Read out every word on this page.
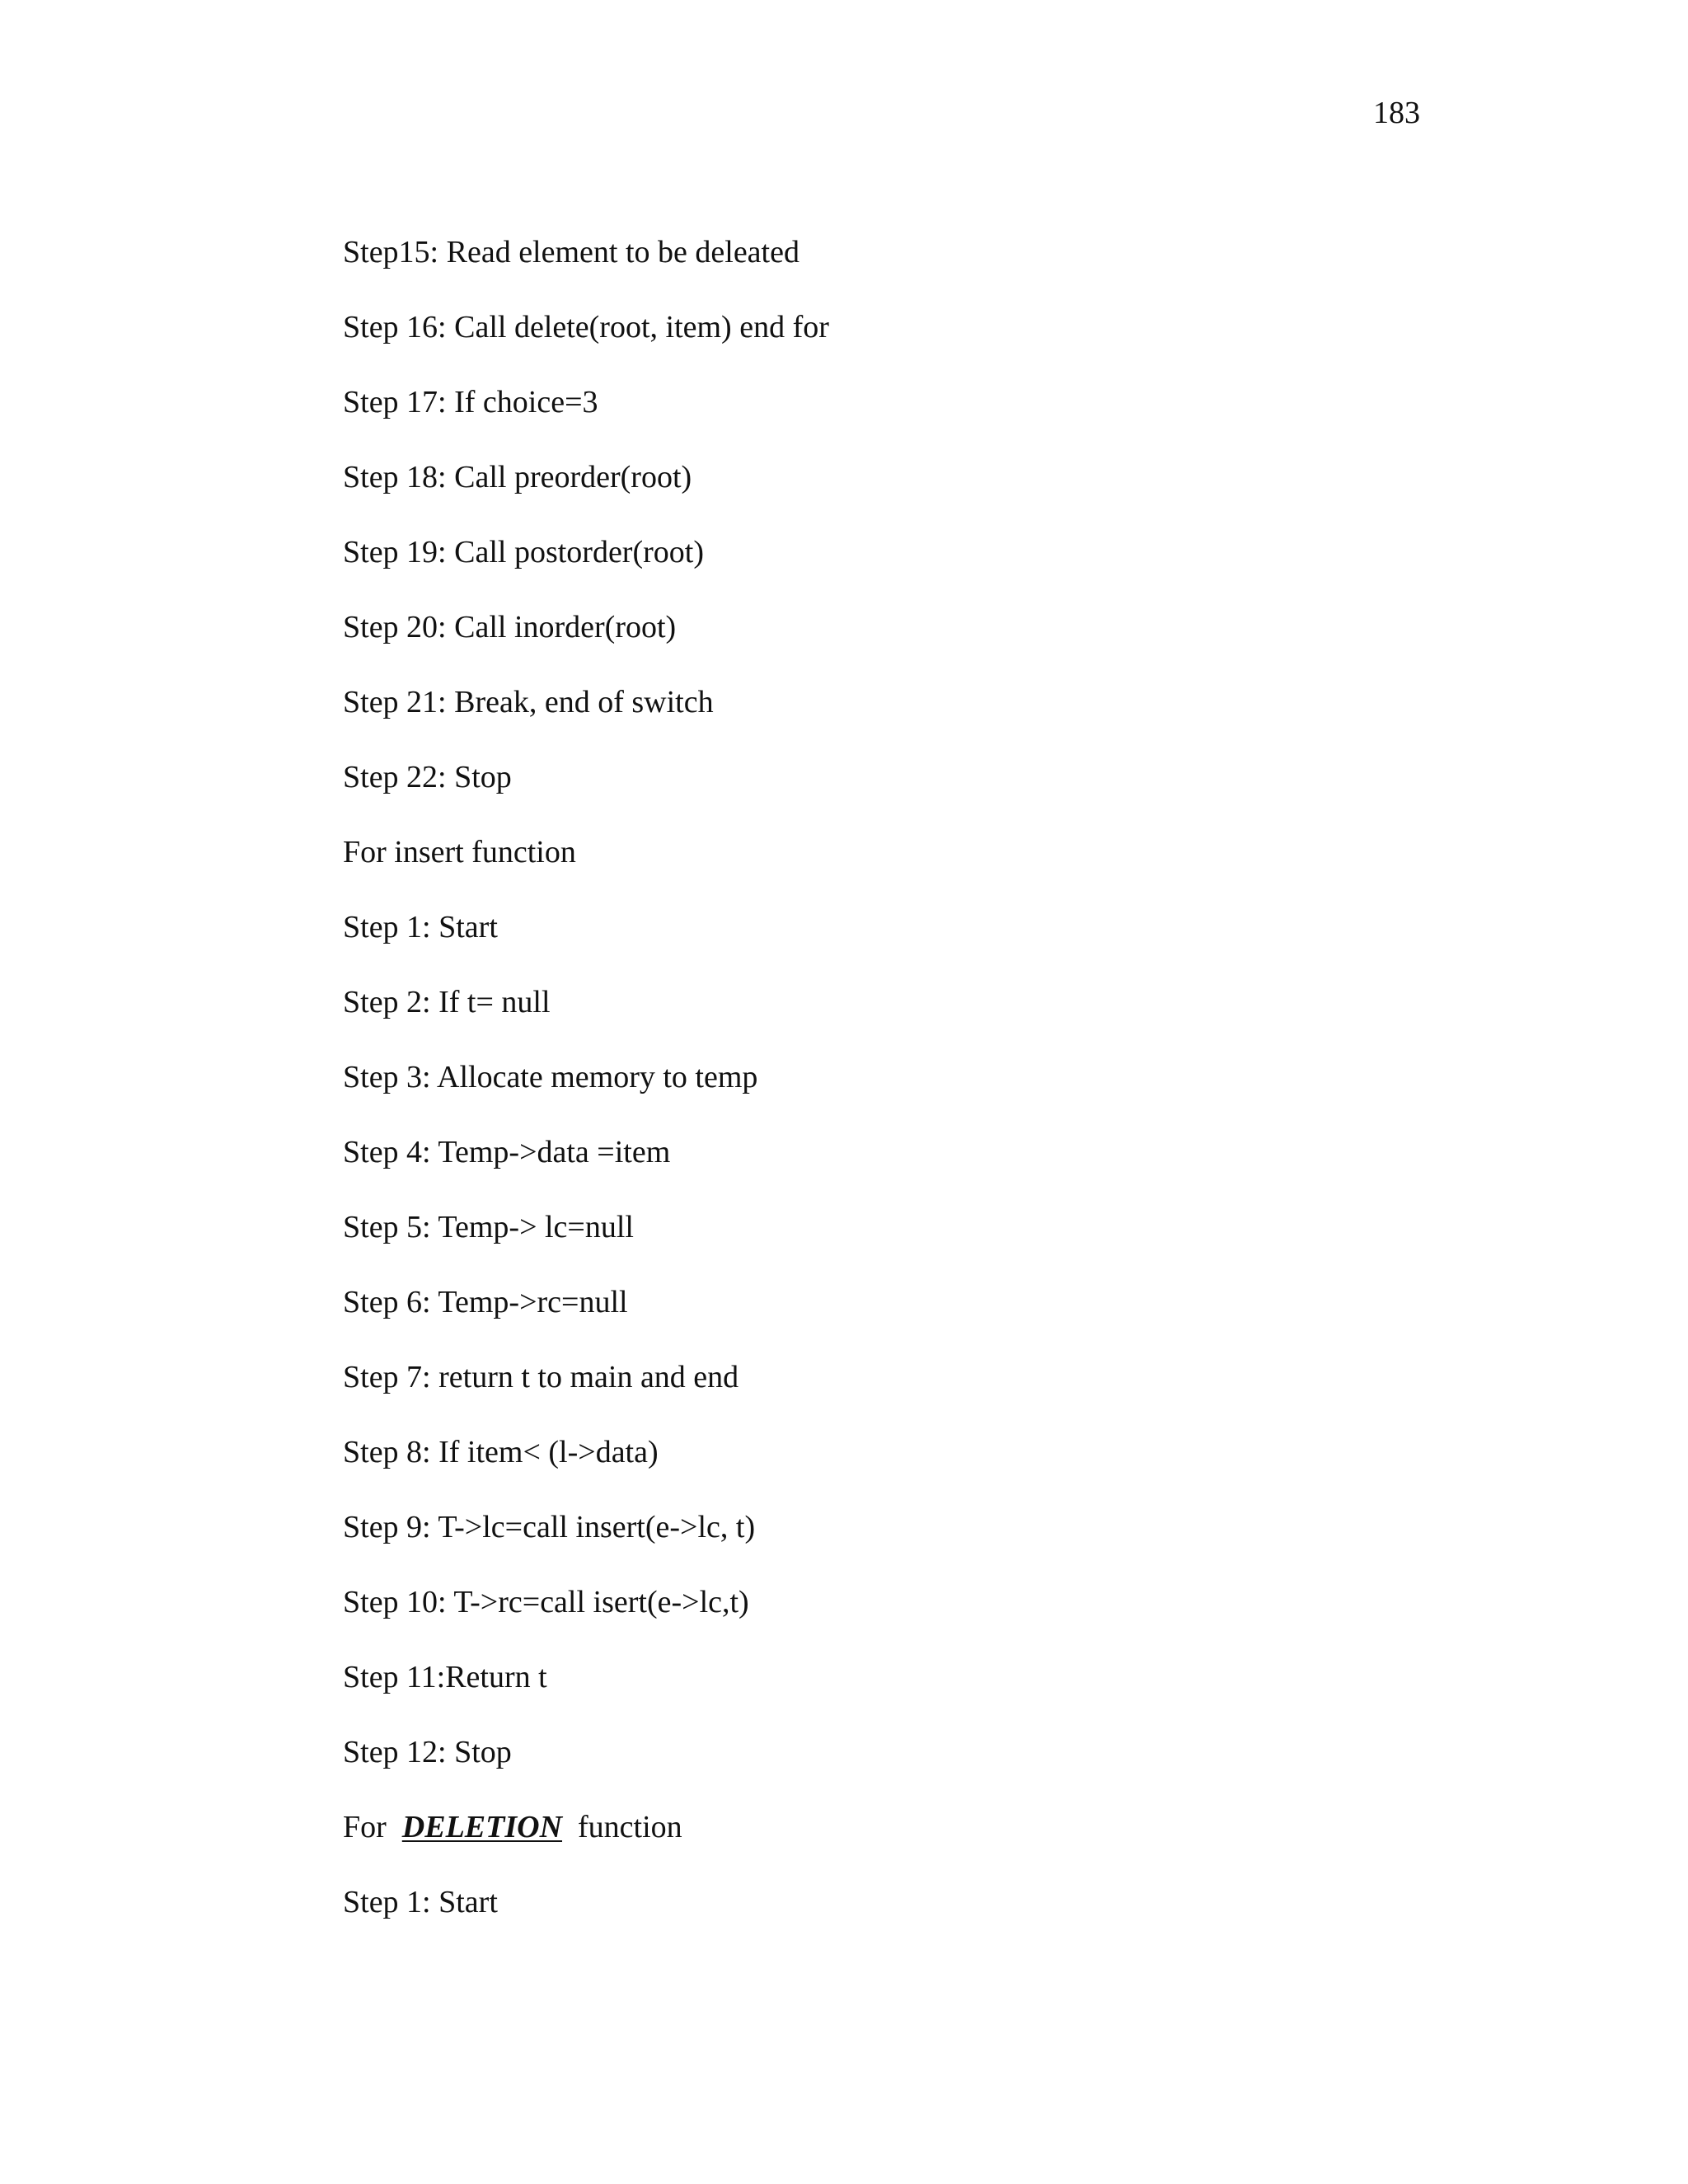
183
Step15: Read element to be deleated
Step 16: Call delete(root, item) end for
Step 17: If choice=3
Step 18: Call preorder(root)
Step 19: Call postorder(root)
Step 20: Call inorder(root)
Step 21: Break, end of switch
Step 22: Stop
For insert function
Step 1: Start
Step 2: If t= null
Step 3: Allocate memory to temp
Step 4: Temp->data =item
Step 5: Temp-> lc=null
Step 6: Temp->rc=null
Step 7: return t to main and end
Step 8: If item< (l->data)
Step 9: T->lc=call insert(e->lc, t)
Step 10: T->rc=call isert(e->lc,t)
Step 11:Return t
Step 12: Stop
For DELETION function
Step 1: Start
